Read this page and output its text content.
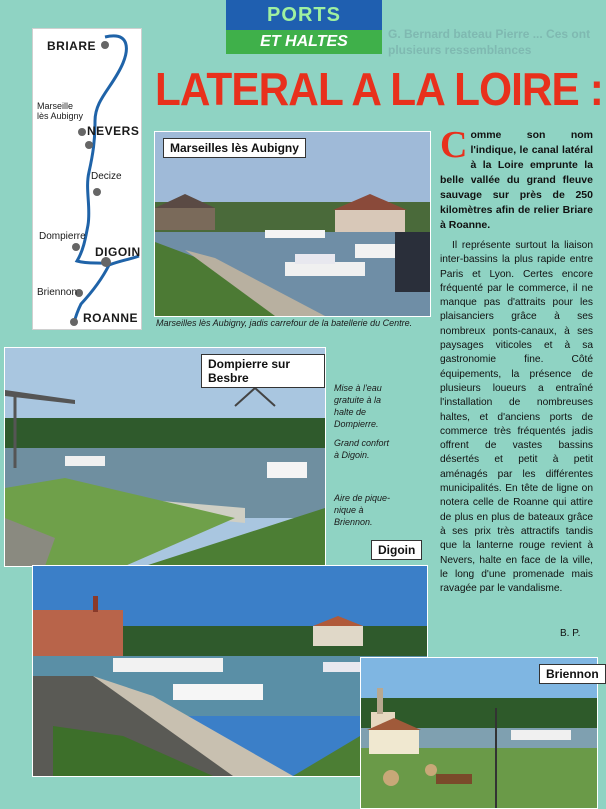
PORTS
ET HALTES	G. Bernard bateau Pierre ... Ces ont plusieurs ressemblances
LATERAL A LA LOIRE :
BRIARE
Marseille
lès Aubigny
NEVERS
Decize
Dompierre
DIGOIN
Briennon
ROANNE
Marseilles lès Aubigny
Marseilles lès Aubigny, jadis carrefour de la batellerie du Centre.
Dompierre sur Besbre
Mise à l'eau gratuite à la halte de Dompierre.
Grand confort à Digoin.
Aire de pique-nique à Briennon.
Digoin
Briennon
Comme son nom l'indique, le canal latéral à la Loire emprunte la belle vallée du grand fleuve sauvage sur près de 250 kilomètres afin de relier Briare à Roanne.
Il représente surtout la liaison inter-bassins la plus rapide entre Paris et Lyon. Certes encore fréquenté par le commerce, il ne manque pas d'attraits pour les plaisanciers grâce à ses nombreux ponts-canaux, à ses paysages viticoles et à sa gastronomie fine. Côté équipements, la présence de plusieurs loueurs a entraîné l'installation de nombreuses haltes, et d'anciens ports de commerce très fréquentés jadis offrent de vastes bassins désertés et petit à petit aménagés par les différentes municipalités. En tête de ligne on notera celle de Roanne qui attire de plus en plus de bateaux grâce à ses prix très attractifs tandis que la lanterne rouge revient à Nevers, halte en face de la ville, le long d'une promenade mais ravagée par le vandalisme.
B. P.
